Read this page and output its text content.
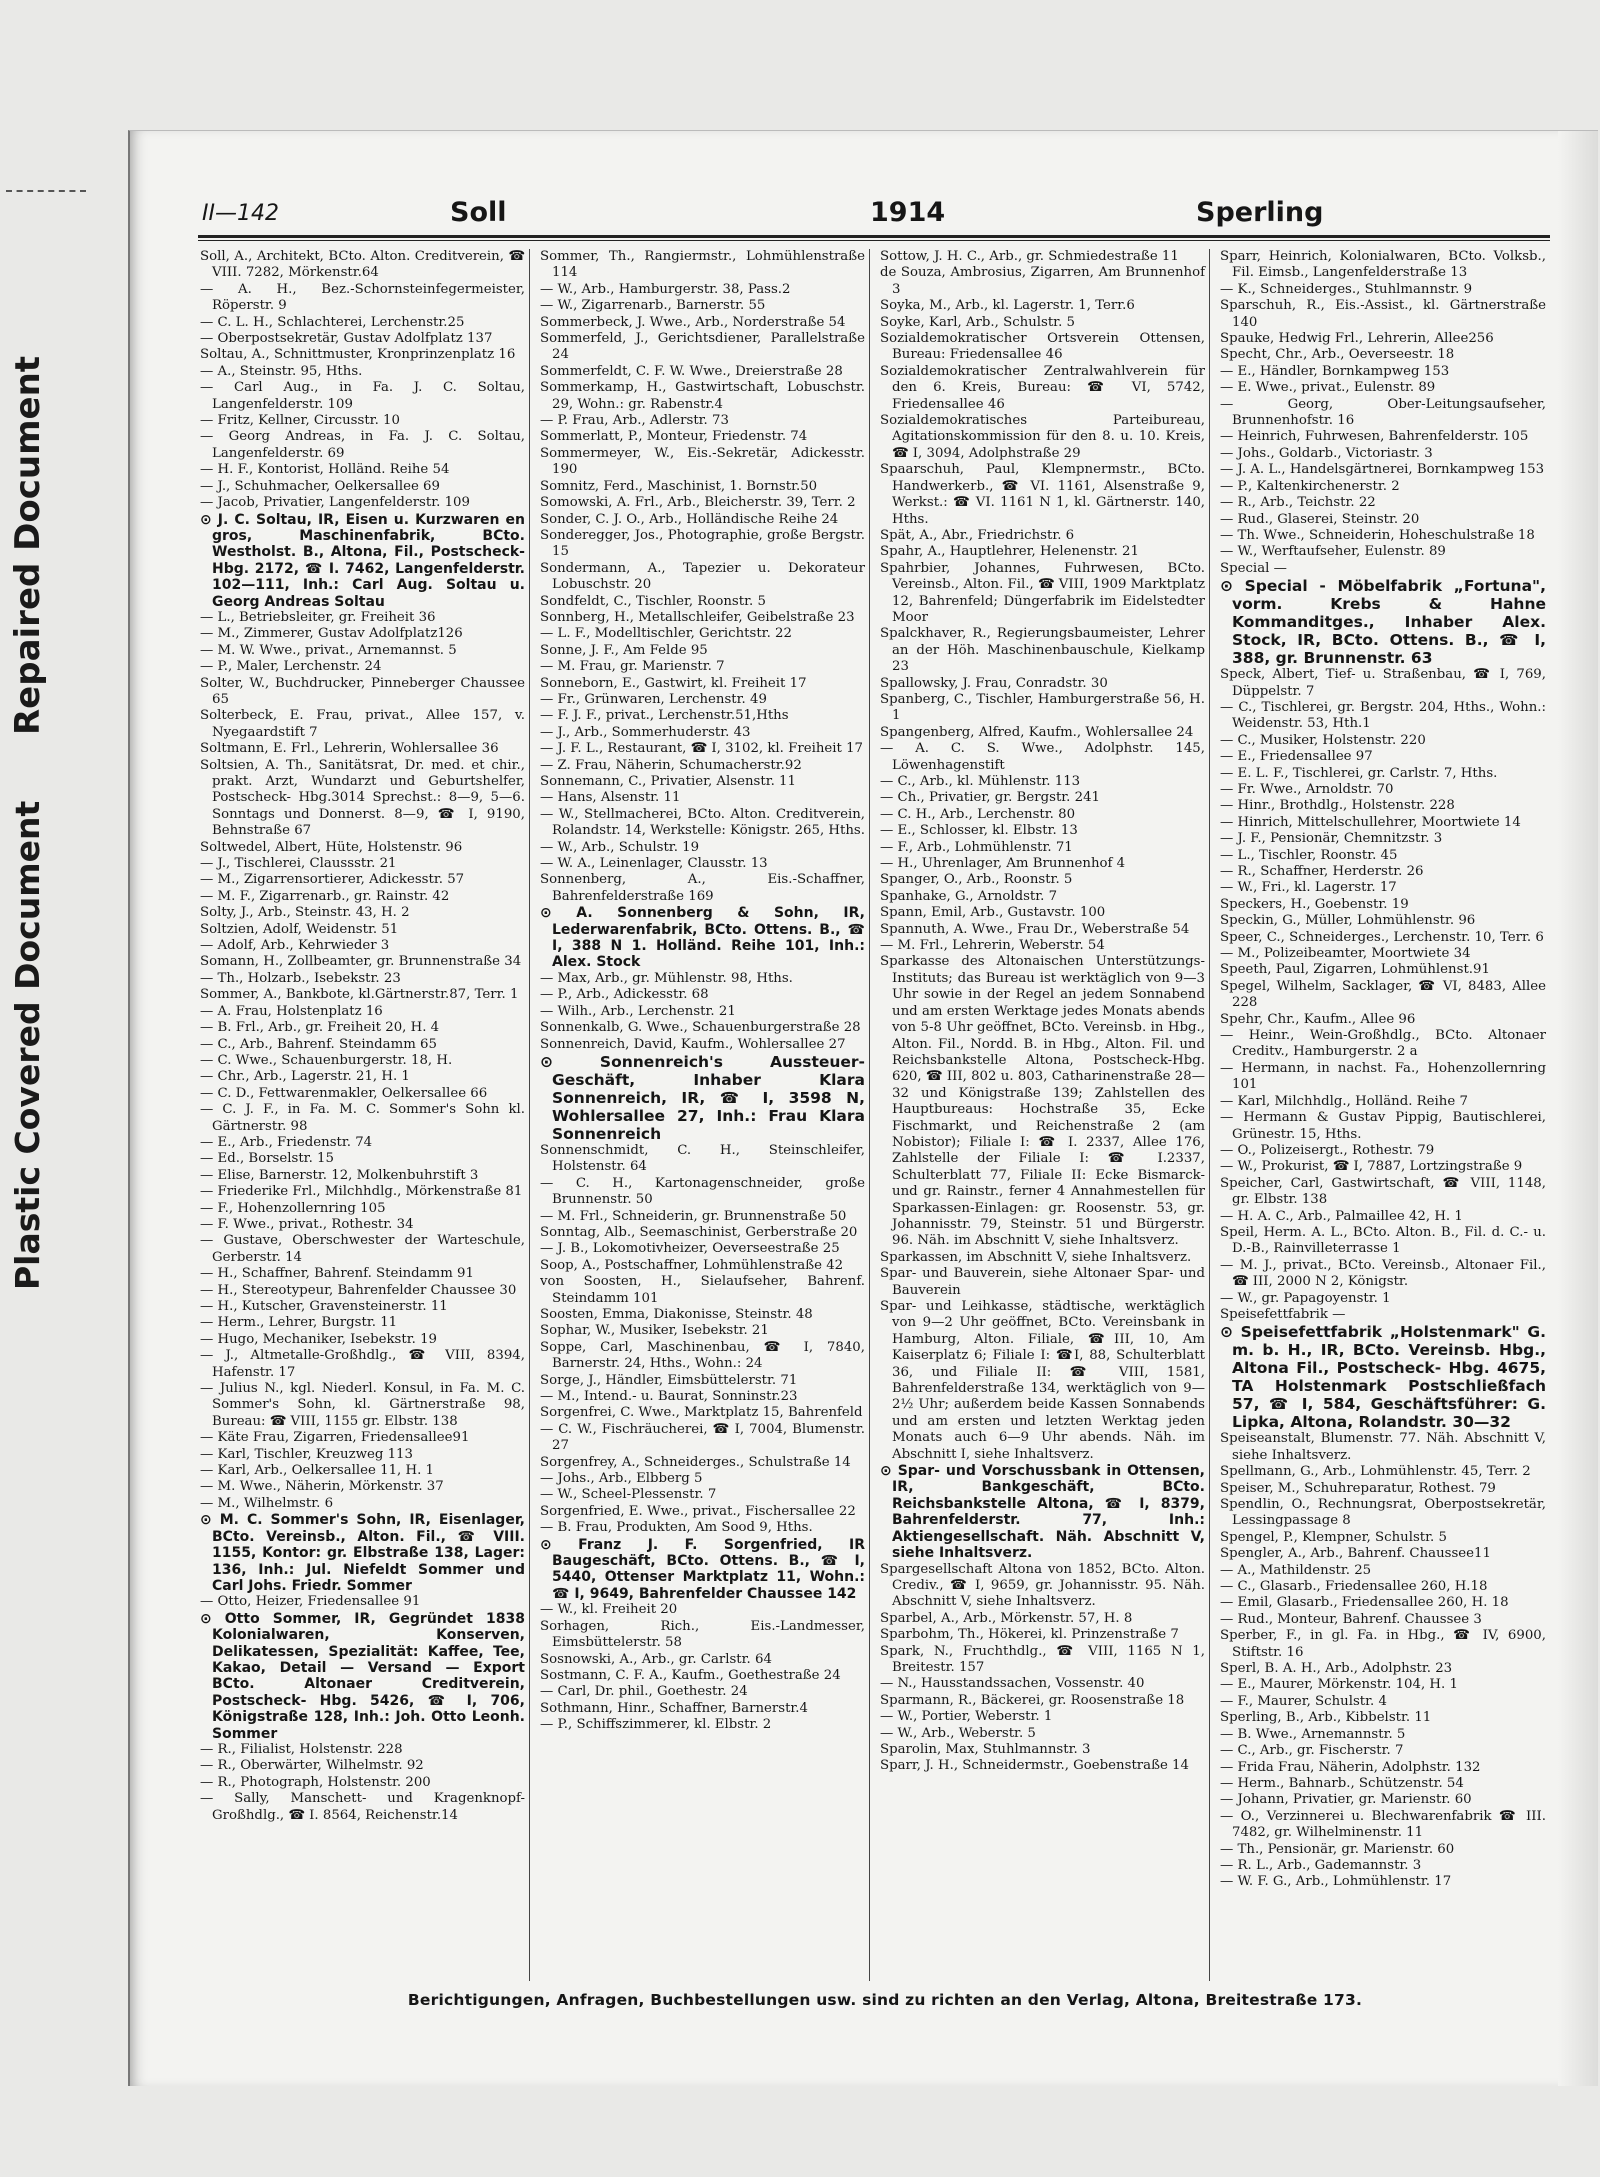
Repaired Document
Plastic Covered Document
II—142	Soll	1914	Sperling

Soll, A., Architekt, BCto. Alton. Creditverein, ☎ VIII. 7282, Mörkenstr.64

— A. H., Bez.-Schornsteinfegermeister, Röperstr. 9

— C. L. H., Schlachterei, Lerchenstr.25

— Oberpostsekretär, Gustav Adolfplatz 137

Soltau, A., Schnittmuster, Kronprinzenplatz 16

— A., Steinstr. 95, Hths.

— Carl Aug., in Fa. J. C. Soltau, Langenfelderstr. 109

— Fritz, Kellner, Circusstr. 10

— Georg Andreas, in Fa. J. C. Soltau, Langenfelderstr. 69

— H. F., Kontorist, Holländ. Reihe 54

— J., Schuhmacher, Oelkersallee 69

— Jacob, Privatier, Langenfelderstr. 109

⊙ J. C. Soltau, IR, Eisen u. Kurzwaren en gros, Maschinenfabrik, BCto. Westholst. B., Altona, Fil., Postscheck- Hbg. 2172, ☎ I. 7462, Langenfelderstr. 102—111, Inh.: Carl Aug. Soltau u. Georg Andreas Soltau

— L., Betriebsleiter, gr. Freiheit 36

— M., Zimmerer, Gustav Adolfplatz126

— M. W. Wwe., privat., Arnemannst. 5

— P., Maler, Lerchenstr. 24

Solter, W., Buchdrucker, Pinneberger Chaussee 65

Solterbeck, E. Frau, privat., Allee 157, v. Nyegaardstift 7

Soltmann, E. Frl., Lehrerin, Wohlersallee 36

Soltsien, A. Th., Sanitätsrat, Dr. med. et chir., prakt. Arzt, Wundarzt und Geburtshelfer, Postscheck- Hbg.3014 Sprechst.: 8—9, 5—6. Sonntags und Donnerst. 8—9, ☎ I, 9190, Behnstraße 67

Soltwedel, Albert, Hüte, Holstenstr. 96

— J., Tischlerei, Claussstr. 21

— M., Zigarrensortierer, Adickesstr. 57

— M. F., Zigarrenarb., gr. Rainstr. 42

Solty, J., Arb., Steinstr. 43, H. 2

Soltzien, Adolf, Weidenstr. 51

— Adolf, Arb., Kehrwieder 3

Somann, H., Zollbeamter, gr. Brunnenstraße 34

— Th., Holzarb., Isebekstr. 23

Sommer, A., Bankbote, kl.Gärtnerstr.87, Terr. 1

— A. Frau, Holstenplatz 16

— B. Frl., Arb., gr. Freiheit 20, H. 4

— C., Arb., Bahrenf. Steindamm 65

— C. Wwe., Schauenburgerstr. 18, H.

— Chr., Arb., Lagerstr. 21, H. 1

— C. D., Fettwarenmakler, Oelkersallee 66

— C. J. F., in Fa. M. C. Sommer's Sohn kl. Gärtnerstr. 98

— E., Arb., Friedenstr. 74

— Ed., Borselstr. 15

— Elise, Barnerstr. 12, Molkenbuhrstift 3

— Friederike Frl., Milchhdlg., Mörkenstraße 81

— F., Hohenzollernring 105

— F. Wwe., privat., Rothestr. 34

— Gustave, Oberschwester der Warteschule, Gerberstr. 14

— H., Schaffner, Bahrenf. Steindamm 91

— H., Stereotypeur, Bahrenfelder Chaussee 30

— H., Kutscher, Gravensteinerstr. 11

— Herm., Lehrer, Burgstr. 11

— Hugo, Mechaniker, Isebekstr. 19

— J., Altmetalle-Großhdlg., ☎ VIII, 8394, Hafenstr. 17

— Julius N., kgl. Niederl. Konsul, in Fa. M. C. Sommer's Sohn, kl. Gärtnerstraße 98, Bureau: ☎ VIII, 1155 gr. Elbstr. 138

— Käte Frau, Zigarren, Friedensallee91

— Karl, Tischler, Kreuzweg 113

— Karl, Arb., Oelkersallee 11, H. 1

— M. Wwe., Näherin, Mörkenstr. 37

— M., Wilhelmstr. 6

⊙ M. C. Sommer's Sohn, IR, Eisenlager, BCto. Vereinsb., Alton. Fil., ☎ VIII. 1155, Kontor: gr. Elbstraße 138, Lager: 136, Inh.: Jul. Niefeldt Sommer und Carl Johs. Friedr. Sommer

— Otto, Heizer, Friedensallee 91

⊙ Otto Sommer, IR, Gegründet 1838 Kolonialwaren, Konserven, Delikatessen, Spezialität: Kaffee, Tee, Kakao, Detail — Versand — Export BCto. Altonaer Creditverein, Postscheck- Hbg. 5426, ☎ I, 706, Königstraße 128, Inh.: Joh. Otto Leonh. Sommer

— R., Filialist, Holstenstr. 228

— R., Oberwärter, Wilhelmstr. 92

— R., Photograph, Holstenstr. 200

— Sally, Manschett- und Kragenknopf-Großhdlg., ☎ I. 8564, Reichenstr.14

Sommer, Th., Rangiermstr., Lohmühlenstraße 114

— W., Arb., Hamburgerstr. 38, Pass.2

— W., Zigarrenarb., Barnerstr. 55

Sommerbeck, J. Wwe., Arb., Norderstraße 54

Sommerfeld, J., Gerichtsdiener, Parallelstraße 24

Sommerfeldt, C. F. W. Wwe., Dreierstraße 28

Sommerkamp, H., Gastwirtschaft, Lobuschstr. 29, Wohn.: gr. Rabenstr.4

— P. Frau, Arb., Adlerstr. 73

Sommerlatt, P., Monteur, Friedenstr. 74

Sommermeyer, W., Eis.-Sekretär, Adickesstr. 190

Somnitz, Ferd., Maschinist, 1. Bornstr.50

Somowski, A. Frl., Arb., Bleicherstr. 39, Terr. 2

Sonder, C. J. O., Arb., Holländische Reihe 24

Sonderegger, Jos., Photographie, große Bergstr. 15

Sondermann, A., Tapezier u. Dekorateur Lobuschstr. 20

Sondfeldt, C., Tischler, Roonstr. 5

Sonnberg, H., Metallschleifer, Geibelstraße 23

— L. F., Modelltischler, Gerichtstr. 22

Sonne, J. F., Am Felde 95

— M. Frau, gr. Marienstr. 7

Sonneborn, E., Gastwirt, kl. Freiheit 17

— Fr., Grünwaren, Lerchenstr. 49

— F. J. F., privat., Lerchenstr.51,Hths

— J., Arb., Sommerhuderstr. 43

— J. F. L., Restaurant, ☎ I, 3102, kl. Freiheit 17

— Z. Frau, Näherin, Schumacherstr.92

Sonnemann, C., Privatier, Alsenstr. 11

— Hans, Alsenstr. 11

— W., Stellmacherei, BCto. Alton. Creditverein, Rolandstr. 14, Werkstelle: Königstr. 265, Hths.

— W., Arb., Schulstr. 19

— W. A., Leinenlager, Clausstr. 13

Sonnenberg, A., Eis.-Schaffner, Bahrenfelderstraße 169

⊙ A. Sonnenberg & Sohn, IR, Lederwarenfabrik, BCto. Ottens. B., ☎ I, 388 N 1. Holländ. Reihe 101, Inh.: Alex. Stock

— Max, Arb., gr. Mühlenstr. 98, Hths.

— P., Arb., Adickesstr. 68

— Wilh., Arb., Lerchenstr. 21

Sonnenkalb, G. Wwe., Schauenburgerstraße 28

Sonnenreich, David, Kaufm., Wohlersallee 27

⊙ Sonnenreich's Aussteuer-Geschäft, Inhaber Klara Sonnenreich, IR, ☎ I, 3598 N, Wohlersallee 27, Inh.: Frau Klara Sonnenreich

Sonnenschmidt, C. H., Steinschleifer, Holstenstr. 64

— C. H., Kartonagenschneider, große Brunnenstr. 50

— M. Frl., Schneiderin, gr. Brunnenstraße 50

Sonntag, Alb., Seemaschinist, Gerberstraße 20

— J. B., Lokomotivheizer, Oeverseestraße 25

Soop, A., Postschaffner, Lohmühlenstraße 42

von Soosten, H., Sielaufseher, Bahrenf. Steindamm 101

Soosten, Emma, Diakonisse, Steinstr. 48

Sophar, W., Musiker, Isebekstr. 21

Soppe, Carl, Maschinenbau, ☎ I, 7840, Barnerstr. 24, Hths., Wohn.: 24

Sorge, J., Händler, Eimsbüttelerstr. 71

— M., Intend.- u. Baurat, Sonninstr.23

Sorgenfrei, C. Wwe., Marktplatz 15, Bahrenfeld

— C. W., Fischräucherei, ☎ I, 7004, Blumenstr. 27

Sorgenfrey, A., Schneiderges., Schulstraße 14

— Johs., Arb., Elbberg 5

— W., Scheel-Plessenstr. 7

Sorgenfried, E. Wwe., privat., Fischersallee 22

— B. Frau, Produkten, Am Sood 9, Hths.

⊙ Franz J. F. Sorgenfried, IR Baugeschäft, BCto. Ottens. B., ☎ I, 5440, Ottenser Marktplatz 11, Wohn.: ☎ I, 9649, Bahrenfelder Chaussee 142

— W., kl. Freiheit 20

Sorhagen, Rich., Eis.-Landmesser, Eimsbüttelerstr. 58

Sosnowski, A., Arb., gr. Carlstr. 64

Sostmann, C. F. A., Kaufm., Goethestraße 24

— Carl, Dr. phil., Goethestr. 24

Sothmann, Hinr., Schaffner, Barnerstr.4

— P., Schiffszimmerer, kl. Elbstr. 2

Sottow, J. H. C., Arb., gr. Schmiedestraße 11

de Souza, Ambrosius, Zigarren, Am Brunnenhof 3

Soyka, M., Arb., kl. Lagerstr. 1, Terr.6

Soyke, Karl, Arb., Schulstr. 5

Sozialdemokratischer Ortsverein Ottensen, Bureau: Friedensallee 46

Sozialdemokratischer Zentralwahlverein für den 6. Kreis, Bureau: ☎ VI, 5742, Friedensallee 46

Sozialdemokratisches Parteibureau, Agitationskommission für den 8. u. 10. Kreis, ☎ I, 3094, Adolphstraße 29

Spaarschuh, Paul, Klempnermstr., BCto. Handwerkerb., ☎ VI. 1161, Alsenstraße 9, Werkst.: ☎ VI. 1161 N 1, kl. Gärtnerstr. 140, Hths.

Spät, A., Abr., Friedrichstr. 6

Spahr, A., Hauptlehrer, Helenenstr. 21

Spahrbier, Johannes, Fuhrwesen, BCto. Vereinsb., Alton. Fil., ☎ VIII, 1909 Marktplatz 12, Bahrenfeld; Düngerfabrik im Eidelstedter Moor

Spalckhaver, R., Regierungsbaumeister, Lehrer an der Höh. Maschinenbauschule, Kielkamp 23

Spallowsky, J. Frau, Conradstr. 30

Spanberg, C., Tischler, Hamburgerstraße 56, H. 1

Spangenberg, Alfred, Kaufm., Wohlersallee 24

— A. C. S. Wwe., Adolphstr. 145, Löwenhagenstift

— C., Arb., kl. Mühlenstr. 113

— Ch., Privatier, gr. Bergstr. 241

— C. H., Arb., Lerchenstr. 80

— E., Schlosser, kl. Elbstr. 13

— F., Arb., Lohmühlenstr. 71

— H., Uhrenlager, Am Brunnenhof 4

Spanger, O., Arb., Roonstr. 5

Spanhake, G., Arnoldstr. 7

Spann, Emil, Arb., Gustavstr. 100

Spannuth, A. Wwe., Frau Dr., Weberstraße 54

— M. Frl., Lehrerin, Weberstr. 54

Sparkasse des Altonaischen Unterstützungs-Instituts; das Bureau ist werktäglich von 9—3 Uhr sowie in der Regel an jedem Sonnabend und am ersten Werktage jedes Monats abends von 5-8 Uhr geöffnet, BCto. Vereinsb. in Hbg., Alton. Fil., Nordd. B. in Hbg., Alton. Fil. und Reichsbankstelle Altona, Postscheck-Hbg. 620, ☎ III, 802 u. 803, Catharinenstraße 28—32 und Königstraße 139; Zahlstellen des Hauptbureaus: Hochstraße 35, Ecke Fischmarkt, und Reichenstraße 2 (am Nobistor); Filiale I: ☎ I. 2337, Allee 176, Zahlstelle der Filiale I: ☎ I.2337, Schulterblatt 77, Filiale II: Ecke Bismarck- und gr. Rainstr., ferner 4 Annahmestellen für Sparkassen-Einlagen: gr. Roosenstr. 53, gr. Johannisstr. 79, Steinstr. 51 und Bürgerstr. 96. Näh. im Abschnitt V, siehe Inhaltsverz.

Sparkassen, im Abschnitt V, siehe Inhaltsverz.

Spar- und Bauverein, siehe Altonaer Spar- und Bauverein

Spar- und Leihkasse, städtische, werktäglich von 9—2 Uhr geöffnet, BCto. Vereinsbank in Hamburg, Alton. Filiale, ☎III, 10, Am Kaiserplatz 6; Filiale I: ☎I, 88, Schulterblatt 36, und Filiale II: ☎ VIII, 1581, Bahrenfelderstraße 134, werktäglich von 9—2½ Uhr; außerdem beide Kassen Sonnabends und am ersten und letzten Werktag jeden Monats auch 6—9 Uhr abends. Näh. im Abschnitt I, siehe Inhaltsverz.

⊙ Spar- und Vorschussbank in Ottensen, IR, Bankgeschäft, BCto. Reichsbankstelle Altona, ☎ I, 8379, Bahrenfelderstr. 77, Inh.: Aktiengesellschaft. Näh. Abschnitt V, siehe Inhaltsverz.

Spargesellschaft Altona von 1852, BCto. Alton. Crediv., ☎ I, 9659, gr. Johannisstr. 95. Näh. Abschnitt V, siehe Inhaltsverz.

Sparbel, A., Arb., Mörkenstr. 57, H. 8

Sparbohm, Th., Hökerei, kl. Prinzenstraße 7

Spark, N., Fruchthdlg., ☎ VIII, 1165 N 1, Breitestr. 157

— N., Hausstandssachen, Vossenstr. 40

Sparmann, R., Bäckerei, gr. Roosenstraße 18

— W., Portier, Weberstr. 1

— W., Arb., Weberstr. 5

Sparolin, Max, Stuhlmannstr. 3

Sparr, J. H., Schneidermstr., Goebenstraße 14

Sparr, Heinrich, Kolonialwaren, BCto. Volksb., Fil. Eimsb., Langenfelderstraße 13

— K., Schneiderges., Stuhlmannstr. 9

Sparschuh, R., Eis.-Assist., kl. Gärtnerstraße 140

Spauke, Hedwig Frl., Lehrerin, Allee256

Specht, Chr., Arb., Oeverseestr. 18

— E., Händler, Bornkampweg 153

— E. Wwe., privat., Eulenstr. 89

— Georg, Ober-Leitungsaufseher, Brunnenhofstr. 16

— Heinrich, Fuhrwesen, Bahrenfelderstr. 105

— Johs., Goldarb., Victoriastr. 3

— J. A. L., Handelsgärtnerei, Bornkampweg 153

— P., Kaltenkirchenerstr. 2

— R., Arb., Teichstr. 22

— Rud., Glaserei, Steinstr. 20

— Th. Wwe., Schneiderin, Hoheschulstraße 18

— W., Werftaufseher, Eulenstr. 89

Special —

⊙ Special - Möbelfabrik „Fortuna", vorm. Krebs & Hahne Kommanditges., Inhaber Alex. Stock, IR, BCto. Ottens. B., ☎ I, 388, gr. Brunnenstr. 63

Speck, Albert, Tief- u. Straßenbau, ☎ I, 769, Düppelstr. 7

— C., Tischlerei, gr. Bergstr. 204, Hths., Wohn.: Weidenstr. 53, Hth.1

— C., Musiker, Holstenstr. 220

— E., Friedensallee 97

— E. L. F., Tischlerei, gr. Carlstr. 7, Hths.

— Fr. Wwe., Arnoldstr. 70

— Hinr., Brothdlg., Holstenstr. 228

— Hinrich, Mittelschullehrer, Moortwiete 14

— J. F., Pensionär, Chemnitzstr. 3

— L., Tischler, Roonstr. 45

— R., Schaffner, Herderstr. 26

— W., Fri., kl. Lagerstr. 17

Speckers, H., Goebenstr. 19

Speckin, G., Müller, Lohmühlenstr. 96

Speer, C., Schneiderges., Lerchenstr. 10, Terr. 6

— M., Polizeibeamter, Moortwiete 34

Speeth, Paul, Zigarren, Lohmühlenst.91

Spegel, Wilhelm, Sacklager, ☎ VI, 8483, Allee 228

Spehr, Chr., Kaufm., Allee 96

— Heinr., Wein-Großhdlg., BCto. Altonaer Creditv., Hamburgerstr. 2 a

— Hermann, in nachst. Fa., Hohenzollernring 101

— Karl, Milchhdlg., Holländ. Reihe 7

— Hermann & Gustav Pippig, Bautischlerei, Grünestr. 15, Hths.

— O., Polizeisergt., Rothestr. 79

— W., Prokurist, ☎ I, 7887, Lortzingstraße 9

Speicher, Carl, Gastwirtschaft, ☎ VIII, 1148, gr. Elbstr. 138

— H. A. C., Arb., Palmaillee 42, H. 1

Speil, Herm. A. L., BCto. Alton. B., Fil. d. C.- u. D.-B., Rainvilleterrasse 1

— M. J., privat., BCto. Vereinsb., Altonaer Fil., ☎ III, 2000 N 2, Königstr.

— W., gr. Papagoyenstr. 1

Speisefettfabrik —

⊙ Speisefettfabrik „Holstenmark" G. m. b. H., IR, BCto. Vereinsb. Hbg., Altona Fil., Postscheck- Hbg. 4675, TA Holstenmark Postschließfach 57, ☎ I, 584, Geschäftsführer: G. Lipka, Altona, Rolandstr. 30—32

Speiseanstalt, Blumenstr. 77. Näh. Abschnitt V, siehe Inhaltsverz.

Spellmann, G., Arb., Lohmühlenstr. 45, Terr. 2

Speiser, M., Schuhreparatur, Rothest. 79

Spendlin, O., Rechnungsrat, Oberpostsekretär, Lessingpassage 8

Spengel, P., Klempner, Schulstr. 5

Spengler, A., Arb., Bahrenf. Chaussee11

— A., Mathildenstr. 25

— C., Glasarb., Friedensallee 260, H.18

— Emil, Glasarb., Friedensallee 260, H. 18

— Rud., Monteur, Bahrenf. Chaussee 3

Sperber, F., in gl. Fa. in Hbg., ☎ IV, 6900, Stiftstr. 16

Sperl, B. A. H., Arb., Adolphstr. 23

— E., Maurer, Mörkenstr. 104, H. 1

— F., Maurer, Schulstr. 4

Sperling, B., Arb., Kibbelstr. 11

— B. Wwe., Arnemannstr. 5

— C., Arb., gr. Fischerstr. 7

— Frida Frau, Näherin, Adolphstr. 132

— Herm., Bahnarb., Schützenstr. 54

— Johann, Privatier, gr. Marienstr. 60

— O., Verzinnerei u. Blechwarenfabrik ☎ III. 7482, gr. Wilhelminenstr. 11

— Th., Pensionär, gr. Marienstr. 60

— R. L., Arb., Gademannstr. 3

— W. F. G., Arb., Lohmühlenstr. 17

Berichtigungen, Anfragen, Buchbestellungen usw. sind zu richten an den Verlag, Altona, Breitestraße 173.
